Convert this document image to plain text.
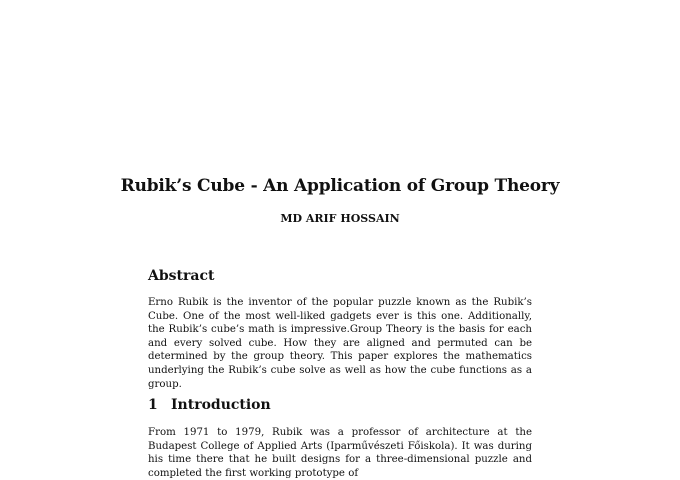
Rubik’s Cube - An Application of Group Theory
MD ARIF HOSSAIN
Abstract
Erno Rubik is the inventor of the popular puzzle known as the Rubik’s Cube. One of the most well-liked gadgets ever is this one. Additionally, the Rubik’s cube’s math is impressive.Group Theory is the basis for each and every solved cube. How they are aligned and permuted can be determined by the group theory. This paper explores the mathematics underlying the Rubik’s cube solve as well as how the cube functions as a group.
1 Introduction
From 1971 to 1979, Rubik was a professor of architecture at the Budapest College of Applied Arts (Iparművészeti Főiskola). It was during his time there that he built designs for a three-dimensional puzzle and completed the first working prototype of
